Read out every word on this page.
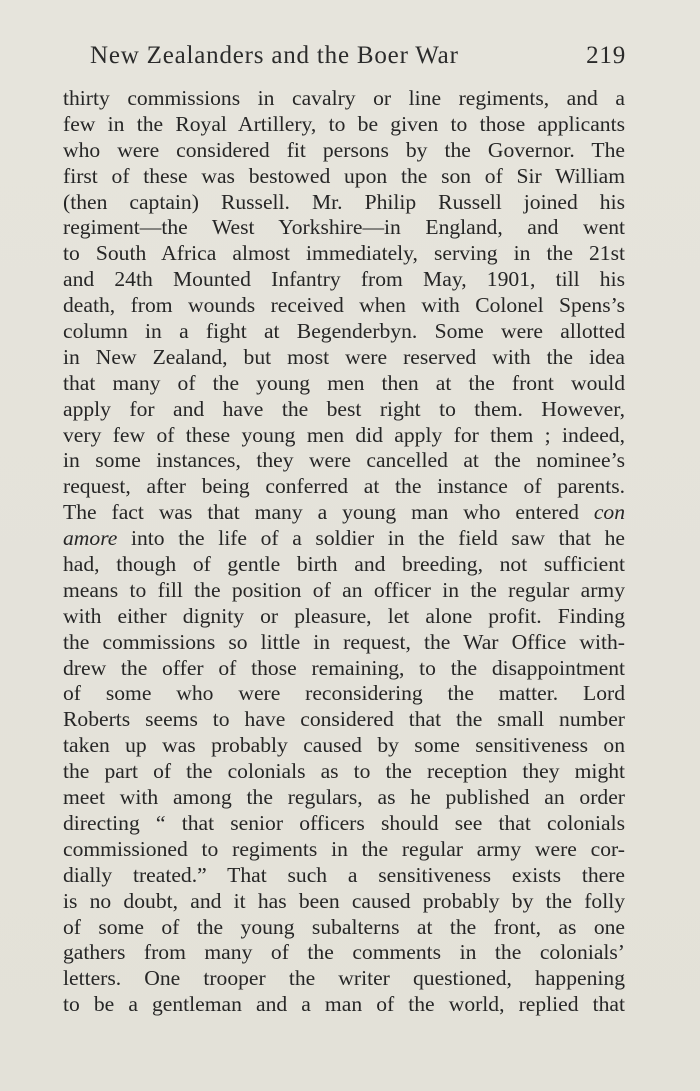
New Zealanders and the Boer War	219
thirty commissions in cavalry or line regiments, and a
few in the Royal Artillery, to be given to those applicants
who were considered fit persons by the Governor. The
first of these was bestowed upon the son of Sir William
(then captain) Russell. Mr. Philip Russell joined his
regiment—the West Yorkshire—in England, and went
to South Africa almost immediately, serving in the 21st
and 24th Mounted Infantry from May, 1901, till his
death, from wounds received when with Colonel Spens’s
column in a fight at Begenderbyn. Some were allotted
in New Zealand, but most were reserved with the idea
that many of the young men then at the front would
apply for and have the best right to them. However,
very few of these young men did apply for them ; indeed,
in some instances, they were cancelled at the nominee’s
request, after being conferred at the instance of parents.
The fact was that many a young man who entered con
amore into the life of a soldier in the field saw that he
had, though of gentle birth and breeding, not sufficient
means to fill the position of an officer in the regular army
with either dignity or pleasure, let alone profit. Finding
the commissions so little in request, the War Office with-
drew the offer of those remaining, to the disappointment
of some who were reconsidering the matter. Lord
Roberts seems to have considered that the small number
taken up was probably caused by some sensitiveness on
the part of the colonials as to the reception they might
meet with among the regulars, as he published an order
directing “ that senior officers should see that colonials
commissioned to regiments in the regular army were cor-
dially treated.” That such a sensitiveness exists there
is no doubt, and it has been caused probably by the folly
of some of the young subalterns at the front, as one
gathers from many of the comments in the colonials’
letters. One trooper the writer questioned, happening
to be a gentleman and a man of the world, replied that
